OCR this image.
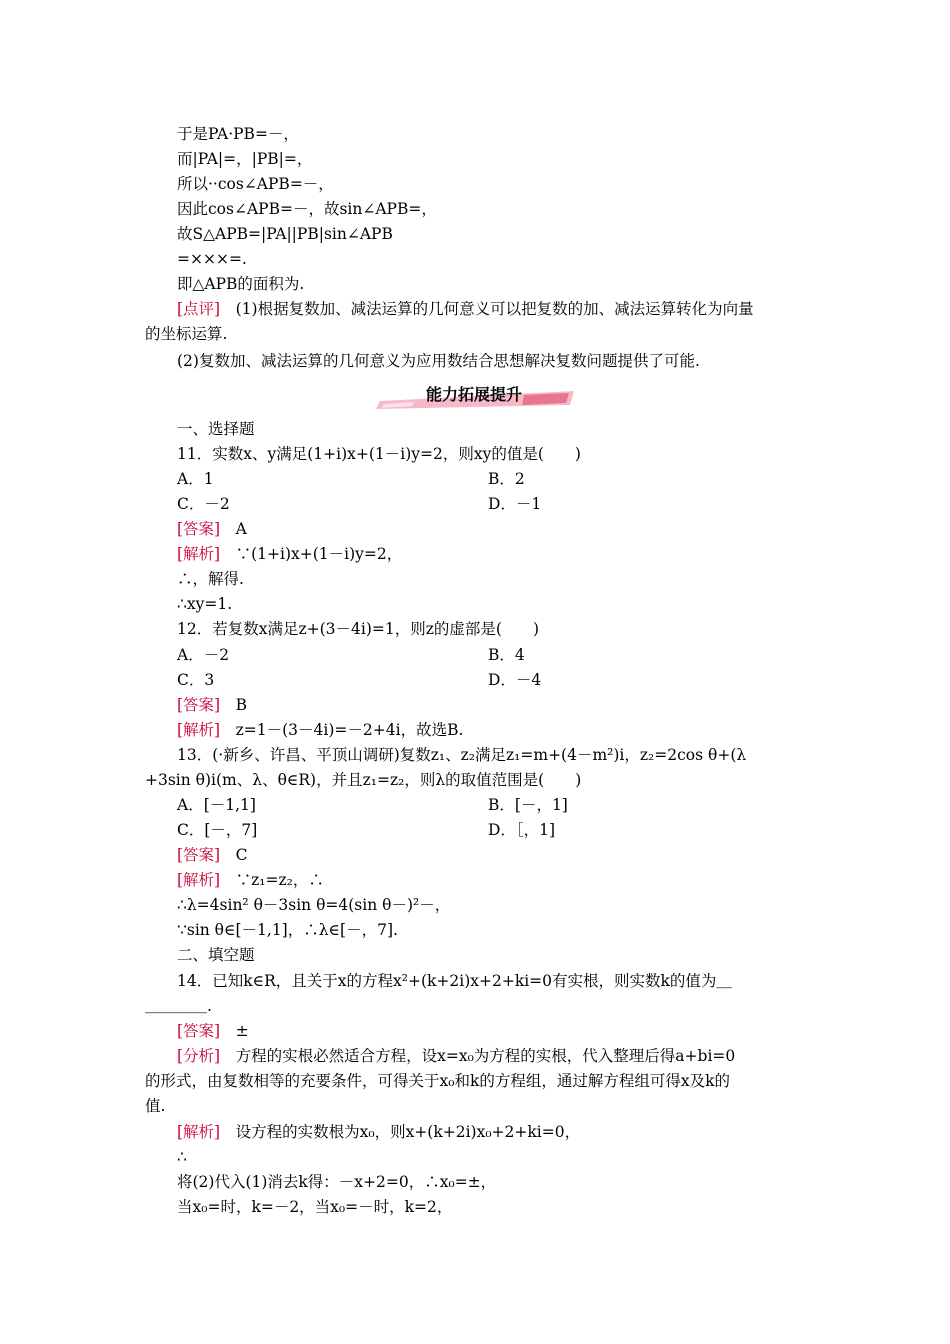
于是PA·PB=－，
而|PA|=，|PB|=，
所以··cos∠APB=－，
因此cos∠APB=－，故sin∠APB=，
故S△APB=|PA||PB|sin∠APB
=×××=.
即△APB的面积为.
[点评]　 (1)根据复数加、减法运算的几何意义可以把复数的加、减法运算转化为向量
的坐标运算.
(2)复数加、减法运算的几何意义为应用数结合思想解决复数问题提供了可能.
能力拓展提升
一、选择题
11．实数x、y满足(1+i)x+(1－i)y=2，则xy的值是(　　)
A．1	B．2
C．－2	D．－1
[答案]　 A
[解析]　 ∵(1+i)x+(1－i)y=2，
∴，解得.
∴xy=1.
12．若复数x满足z+(3－4i)=1，则z的虚部是(　　)
A．－2	B．4
C．3	D．－4
[答案]　 B
[解析]　 z=1－(3－4i)=－2+4i，故选B.
13．(·新乡、许昌、平顶山调研)复数z₁、z₂满足z₁=m+(4－m²)i，z₂=2cos θ+(λ
+3sin θ)i(m、λ、θ∈R)，并且z₁=z₂，则λ的取值范围是(　　)
A．[－1,1]	B．[－，1]
C．[－，7]	D．［，1]
[答案]　 C
[解析]　 ∵z₁=z₂，∴
∴λ=4sin² θ－3sin θ=4(sin θ－)²－，
∵sin θ∈[－1,1]，∴λ∈[－，7].
二、填空题
14．已知k∈R，且关于x的方程x²+(k+2i)x+2+ki=0有实根，则实数k的值为＿
＿＿＿＿.
[答案]　 ±
[分析]　 方程的实根必然适合方程，设x=x₀为方程的实根，代入整理后得a+bi=0
的形式，由复数相等的充要条件，可得关于x₀和k的方程组，通过解方程组可得x及k的
值.
[解析]　 设方程的实数根为x₀，则x+(k+2i)x₀+2+ki=0，
∴
将(2)代入(1)消去k得：－x+2=0，∴x₀=±，
当x₀=时，k=－2，当x₀=－时，k=2，
